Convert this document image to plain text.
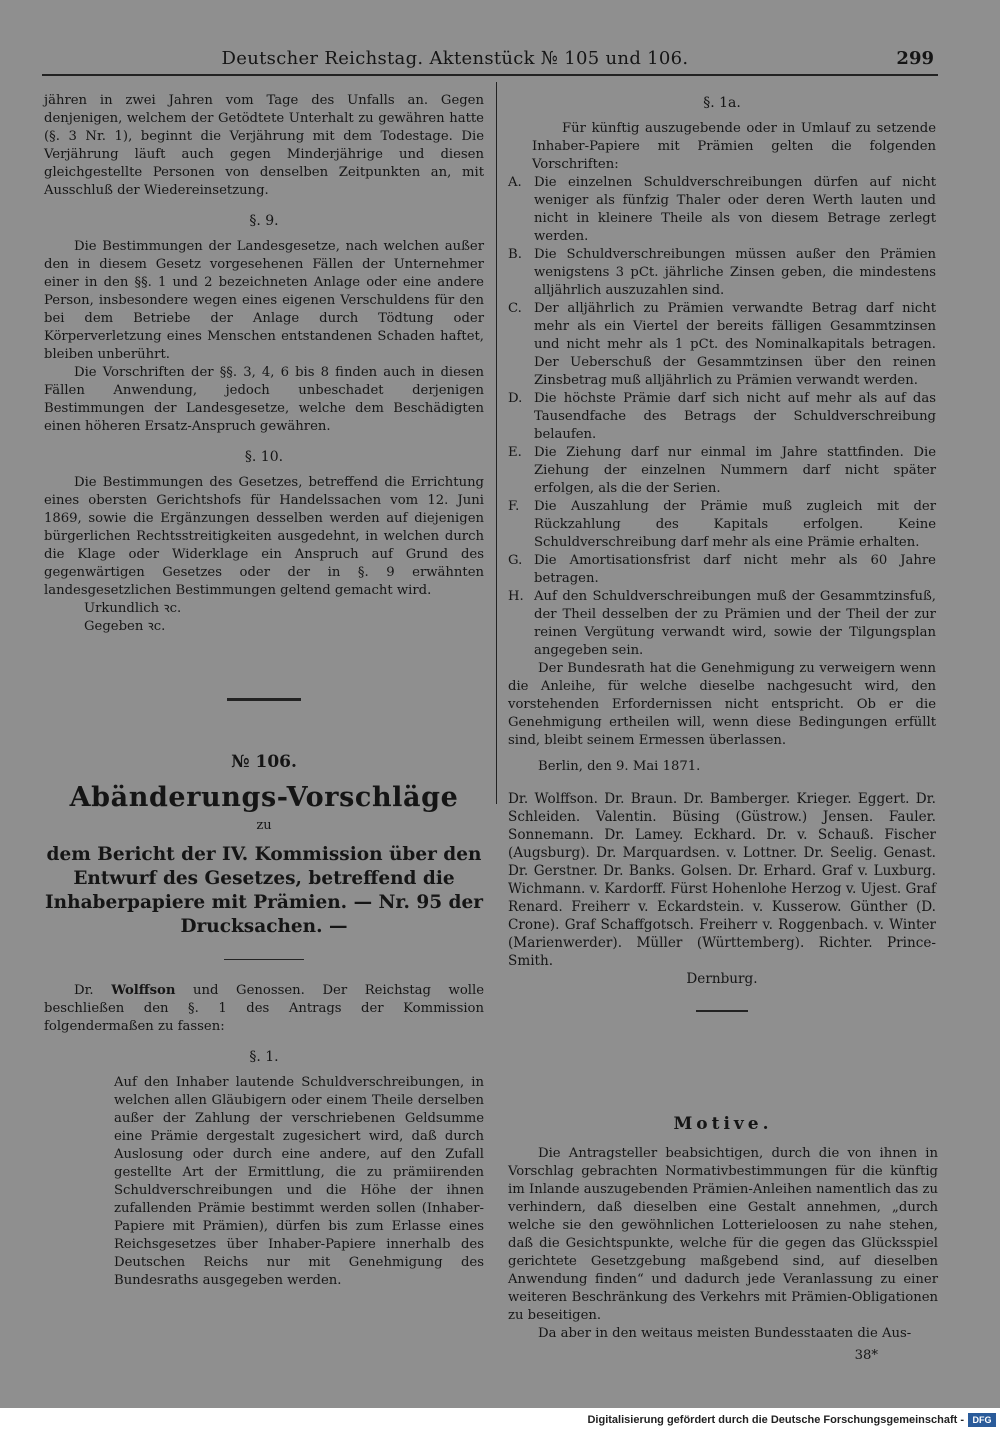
Deutscher Reichstag. Aktenstück № 105 und 106.	299

jähren in zwei Jahren vom Tage des Unfalls an. Gegen denjenigen, welchem der Getödtete Unterhalt zu gewähren hatte (§. 3 Nr. 1), beginnt die Verjährung mit dem Todestage. Die Verjährung läuft auch gegen Minderjährige und diesen gleichgestellte Personen von denselben Zeitpunkten an, mit Ausschluß der Wiedereinsetzung.

§. 9.

Die Bestimmungen der Landesgesetze, nach welchen außer den in diesem Gesetz vorgesehenen Fällen der Unternehmer einer in den §§. 1 und 2 bezeichneten Anlage oder eine andere Person, insbesondere wegen eines eigenen Verschuldens für den bei dem Betriebe der Anlage durch Tödtung oder Körperverletzung eines Menschen entstandenen Schaden haftet, bleiben unberührt.

Die Vorschriften der §§. 3, 4, 6 bis 8 finden auch in diesen Fällen Anwendung, jedoch unbeschadet derjenigen Bestimmungen der Landesgesetze, welche dem Beschädigten einen höheren Ersatz-Anspruch gewähren.

§. 10.

Die Bestimmungen des Gesetzes, betreffend die Errichtung eines obersten Gerichtshofs für Handelssachen vom 12. Juni 1869, sowie die Ergänzungen desselben werden auf diejenigen bürgerlichen Rechtsstreitigkeiten ausgedehnt, in welchen durch die Klage oder Widerklage ein Anspruch auf Grund des gegenwärtigen Gesetzes oder der in §. 9 erwähnten landesgesetzlichen Bestimmungen geltend gemacht wird.

Urkundlich ꝛc.

Gegeben ꝛc.

№ 106.
Abänderungs-Vorschläge
zu
dem Bericht der IV. Kommission über den Entwurf des Gesetzes, betreffend die Inhaberpapiere mit Prämien. — Nr. 95 der Drucksachen. —

Dr. Wolffson und Genossen. Der Reichstag wolle beschließen den §. 1 des Antrags der Kommission folgendermaßen zu fassen:

§. 1.

Auf den Inhaber lautende Schuldverschreibungen, in welchen allen Gläubigern oder einem Theile derselben außer der Zahlung der verschriebenen Geldsumme eine Prämie dergestalt zugesichert wird, daß durch Auslosung oder durch eine andere, auf den Zufall gestellte Art der Ermittlung, die zu prämiirenden Schuldverschreibungen und die Höhe der ihnen zufallenden Prämie bestimmt werden sollen (Inhaber-Papiere mit Prämien), dürfen bis zum Erlasse eines Reichsgesetzes über Inhaber-Papiere innerhalb des Deutschen Reichs nur mit Genehmigung des Bundesraths ausgegeben werden.

§. 1a.

Für künftig auszugebende oder in Umlauf zu setzende Inhaber-Papiere mit Prämien gelten die folgenden Vorschriften:

A. Die einzelnen Schuldverschreibungen dürfen auf nicht weniger als fünfzig Thaler oder deren Werth lauten und nicht in kleinere Theile als von diesem Betrage zerlegt werden.
B. Die Schuldverschreibungen müssen außer den Prämien wenigstens 3 pCt. jährliche Zinsen geben, die mindestens alljährlich auszuzahlen sind.
C. Der alljährlich zu Prämien verwandte Betrag darf nicht mehr als ein Viertel der bereits fälligen Gesammtzinsen und nicht mehr als 1 pCt. des Nominalkapitals betragen. Der Ueberschuß der Gesammtzinsen über den reinen Zinsbetrag muß alljährlich zu Prämien verwandt werden.
D. Die höchste Prämie darf sich nicht auf mehr als auf das Tausendfache des Betrags der Schuldverschreibung belaufen.
E. Die Ziehung darf nur einmal im Jahre stattfinden. Die Ziehung der einzelnen Nummern darf nicht später erfolgen, als die der Serien.
F.	Die Auszahlung der Prämie muß zugleich mit der Rückzahlung des Kapitals erfolgen. Keine Schuldverschreibung darf mehr als eine Prämie erhalten.
G. Die Amortisationsfrist darf nicht mehr als 60 Jahre betragen.
H. Auf den Schuldverschreibungen muß der Gesammtzinsfuß, der Theil desselben der zu Prämien und der Theil der zur reinen Vergütung verwandt wird, sowie der Tilgungsplan angegeben sein.

Der Bundesrath hat die Genehmigung zu verweigern wenn die Anleihe, für welche dieselbe nachgesucht wird, den vorstehenden Erfordernissen nicht entspricht. Ob er die Genehmigung ertheilen will, wenn diese Bedingungen erfüllt sind, bleibt seinem Ermessen überlassen.

Berlin, den 9. Mai 1871.

Dr. Wolffson. Dr. Braun. Dr. Bamberger. Krieger. Eggert. Dr. Schleiden. Valentin. Büsing (Güstrow.) Jensen. Fauler. Sonnemann. Dr. Lamey. Eckhard. Dr. v. Schauß. Fischer (Augsburg). Dr. Marquardsen. v. Lottner. Dr. Seelig. Genast. Dr. Gerstner. Dr. Banks. Golsen. Dr. Erhard. Graf v. Luxburg. Wichmann. v. Kardorff. Fürst Hohenlohe Herzog v. Ujest. Graf Renard. Freiherr v. Eckardstein. v. Kusserow. Günther (D. Crone). Graf Schaffgotsch. Freiherr v. Roggenbach. v. Winter (Marienwerder). Müller (Württemberg). Richter. Prince-Smith.

Dernburg.

Motive.

Die Antragsteller beabsichtigen, durch die von ihnen in Vorschlag gebrachten Normativbestimmungen für die künftig im Inlande auszugebenden Prämien-Anleihen namentlich das zu verhindern, daß dieselben eine Gestalt annehmen, „durch welche sie den gewöhnlichen Lotterieloosen zu nahe stehen, daß die Gesichtspunkte, welche für die gegen das Glücksspiel gerichtete Gesetzgebung maßgebend sind, auf dieselben Anwendung finden“ und dadurch jede Veranlassung zu einer weiteren Beschränkung des Verkehrs mit Prämien-Obligationen zu beseitigen.

Da aber in den weitaus meisten Bundesstaaten die Aus-

38*
Digitalisierung gefördert durch die Deutsche Forschungsgemeinschaft - DFG
